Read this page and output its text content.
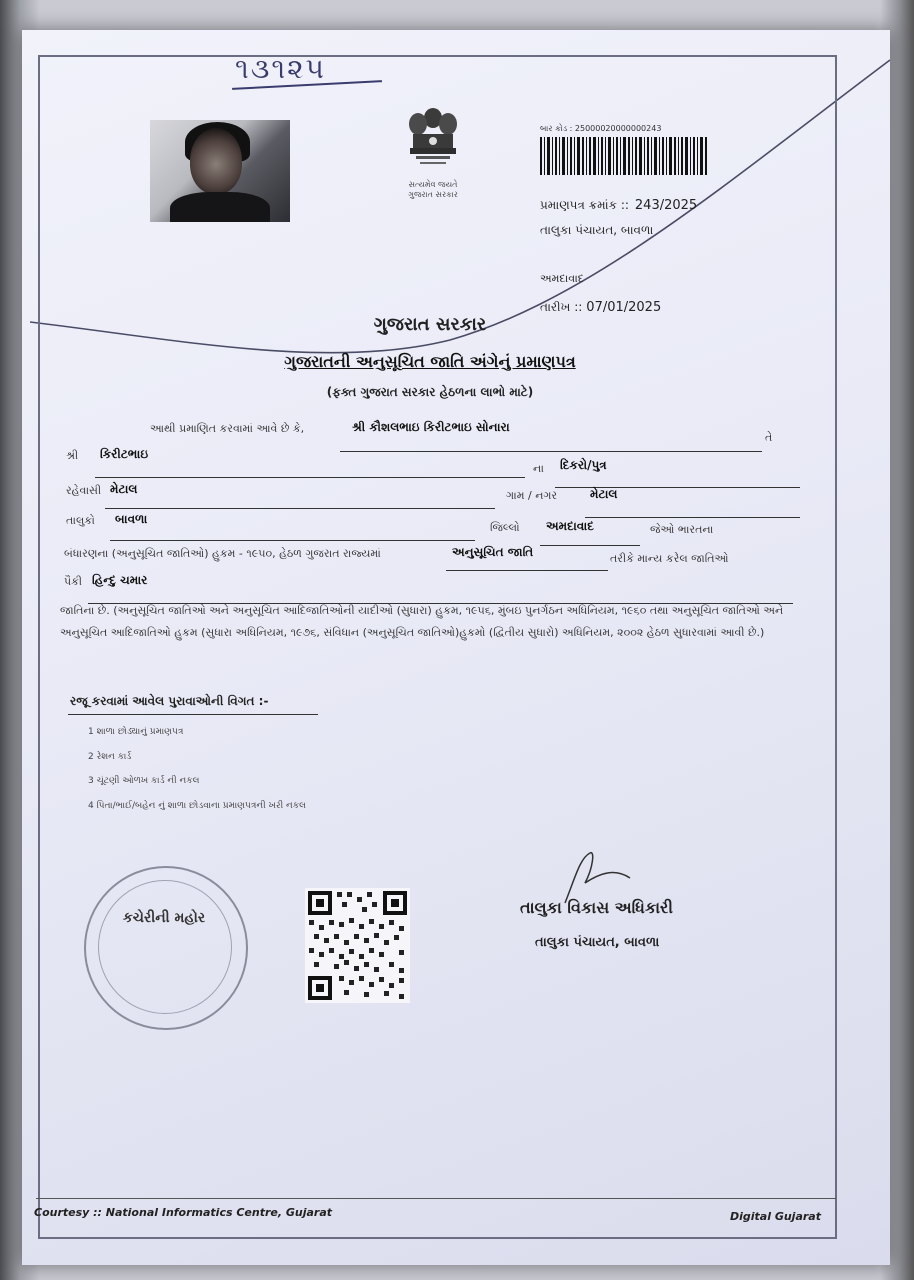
૧૩૧૨૫
સત્યમેવ જયતે
ગુજરાત સરકાર
બાર કોડ : 25000020000000243
પ્રમાણપત્ર ક્રમાંક :: 243/2025
તાલુકા પંચાયત, બાવળા
અમદાવાદ
તારીખ :: 07/01/2025
ગુજરાત સરકાર
ગુજરાતની અનુસૂચિત જાતિ અંગેનું પ્રમાણપત્ર
(ફક્ત ગુજરાત સરકાર હેઠળના લાભો માટે)
આથી પ્રમાણિત કરવામાં આવે છે કે,	શ્રી કૌશલભાઇ કિરીટભાઇ સોનારા
તે
શ્રી કિરીટભાઇ
ના દિકરો/પુત્ર
રહેવાસી મેટાલ	ગામ / નગર	મેટાલ
તાલુકો બાવળા
જિલ્લો અમદાવાદ	જેઓ ભારતના
બંધારણના (અનુસૂચિત જાતિઓ) હુકમ - ૧૯૫૦, હેઠળ ગુજરાત રાજ્યમાં	અનુસૂચિત જાતિ	તરીકે માન્ય કરેલ જાતિઓ
પૈકી હિન્દુ ચમાર
જાતિના છે. (અનુસૂચિત જાતિઓ અને અનુસૂચિત આદિજાતિઓની યાદીઓ (સુધારા) હુકમ, ૧૯૫૬, મુંબઇ પુનર્ગઠન અધિનિયમ, ૧૯૬૦ તથા અનુસૂચિત જાતિઓ અને અનુસૂચિત આદિજાતિઓ હુકમ (સુધારા અધિનિયમ, ૧૯૭૬, સંવિધાન (અનુસૂચિત જાતિઓ)હુકમો (દ્વિતીય સુધારો) અધિનિયમ, ૨૦૦૨ હેઠળ સુધારવામાં આવી છે.)
રજૂ કરવામાં આવેલ પુરાવાઓની વિગત :-
1 શાળા છોડ્યાનું પ્રમાણપત્ર
2 રેશન કાર્ડ
3 ચૂંટણી ઓળખ કાર્ડ ની નકલ
4 પિતા/ભાઈ/બહેન નું શાળા છોડવાના પ્રમાણપત્રની ખરી નકલ
કચેરીની મહોર
તાલુકા વિકાસ અધિકારી
તાલુકા પંચાયત, બાવળા
Courtesy :: National Informatics Centre, Gujarat	Digital Gujarat
